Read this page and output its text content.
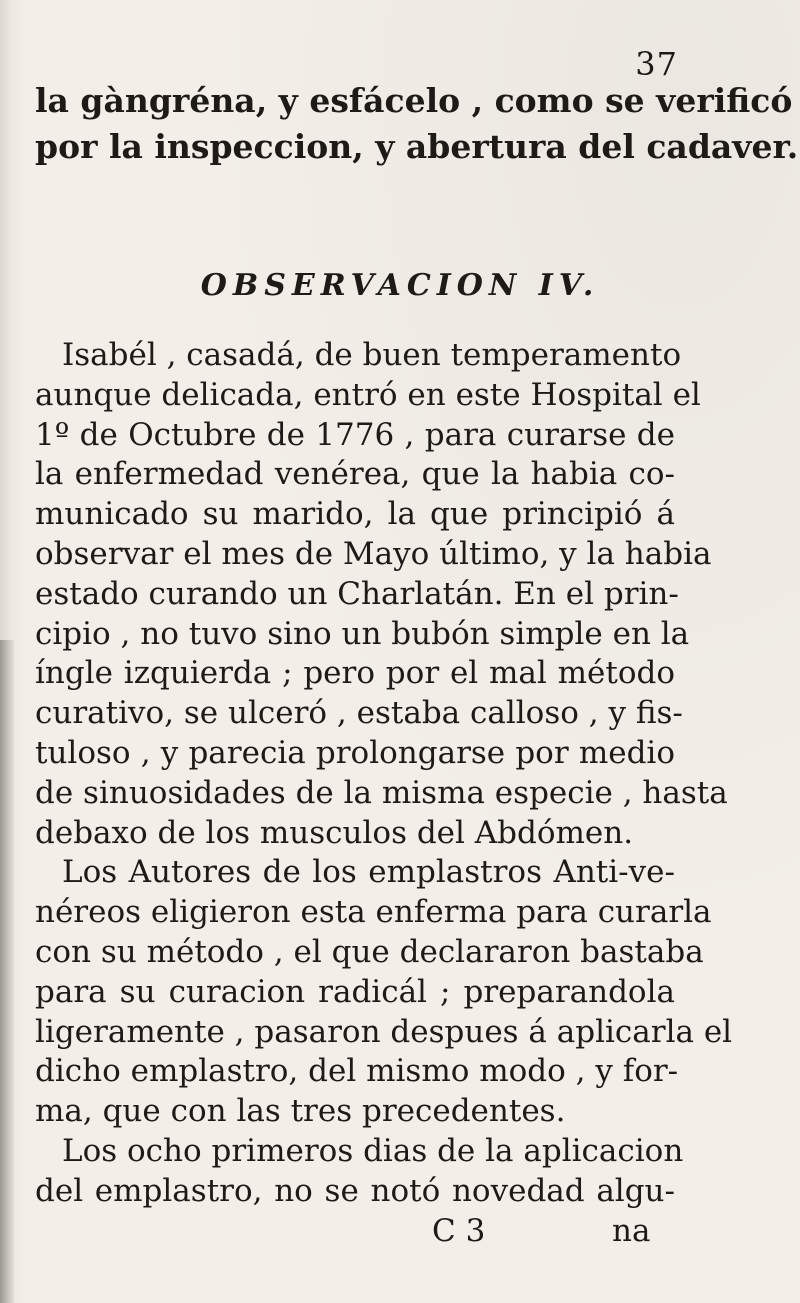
37
la gàngréna, y esfácelo , como se verificó
por la inspeccion, y abertura del cadaver.
OBSERVACION IV.
Isabél , casadá, de buen temperamento
aunque delicada, entró en este Hospital el
1º de Octubre de 1776 , para curarse de
la enfermedad venérea, que la habia co-
municado su marido, la que principió á
observar el mes de Mayo último, y la habia
estado curando un Charlatán. En el prin-
cipio , no tuvo sino un bubón simple en la
íngle izquierda ; pero por el mal método
curativo, se ulceró , estaba calloso , y fis-
tuloso , y parecia prolongarse por medio
de sinuosidades de la misma especie , hasta
debaxo de los musculos del Abdómen.
Los Autores de los emplastros Anti-ve-
néreos eligieron esta enferma para curarla
con su método , el que declararon bastaba
para su curacion radicál ; preparandola
ligeramente , pasaron despues á aplicarla el
dicho emplastro, del mismo modo , y for-
ma, que con las tres precedentes.
Los ocho primeros dias de la aplicacion
del emplastro, no se notó novedad algu-
C 3	na
